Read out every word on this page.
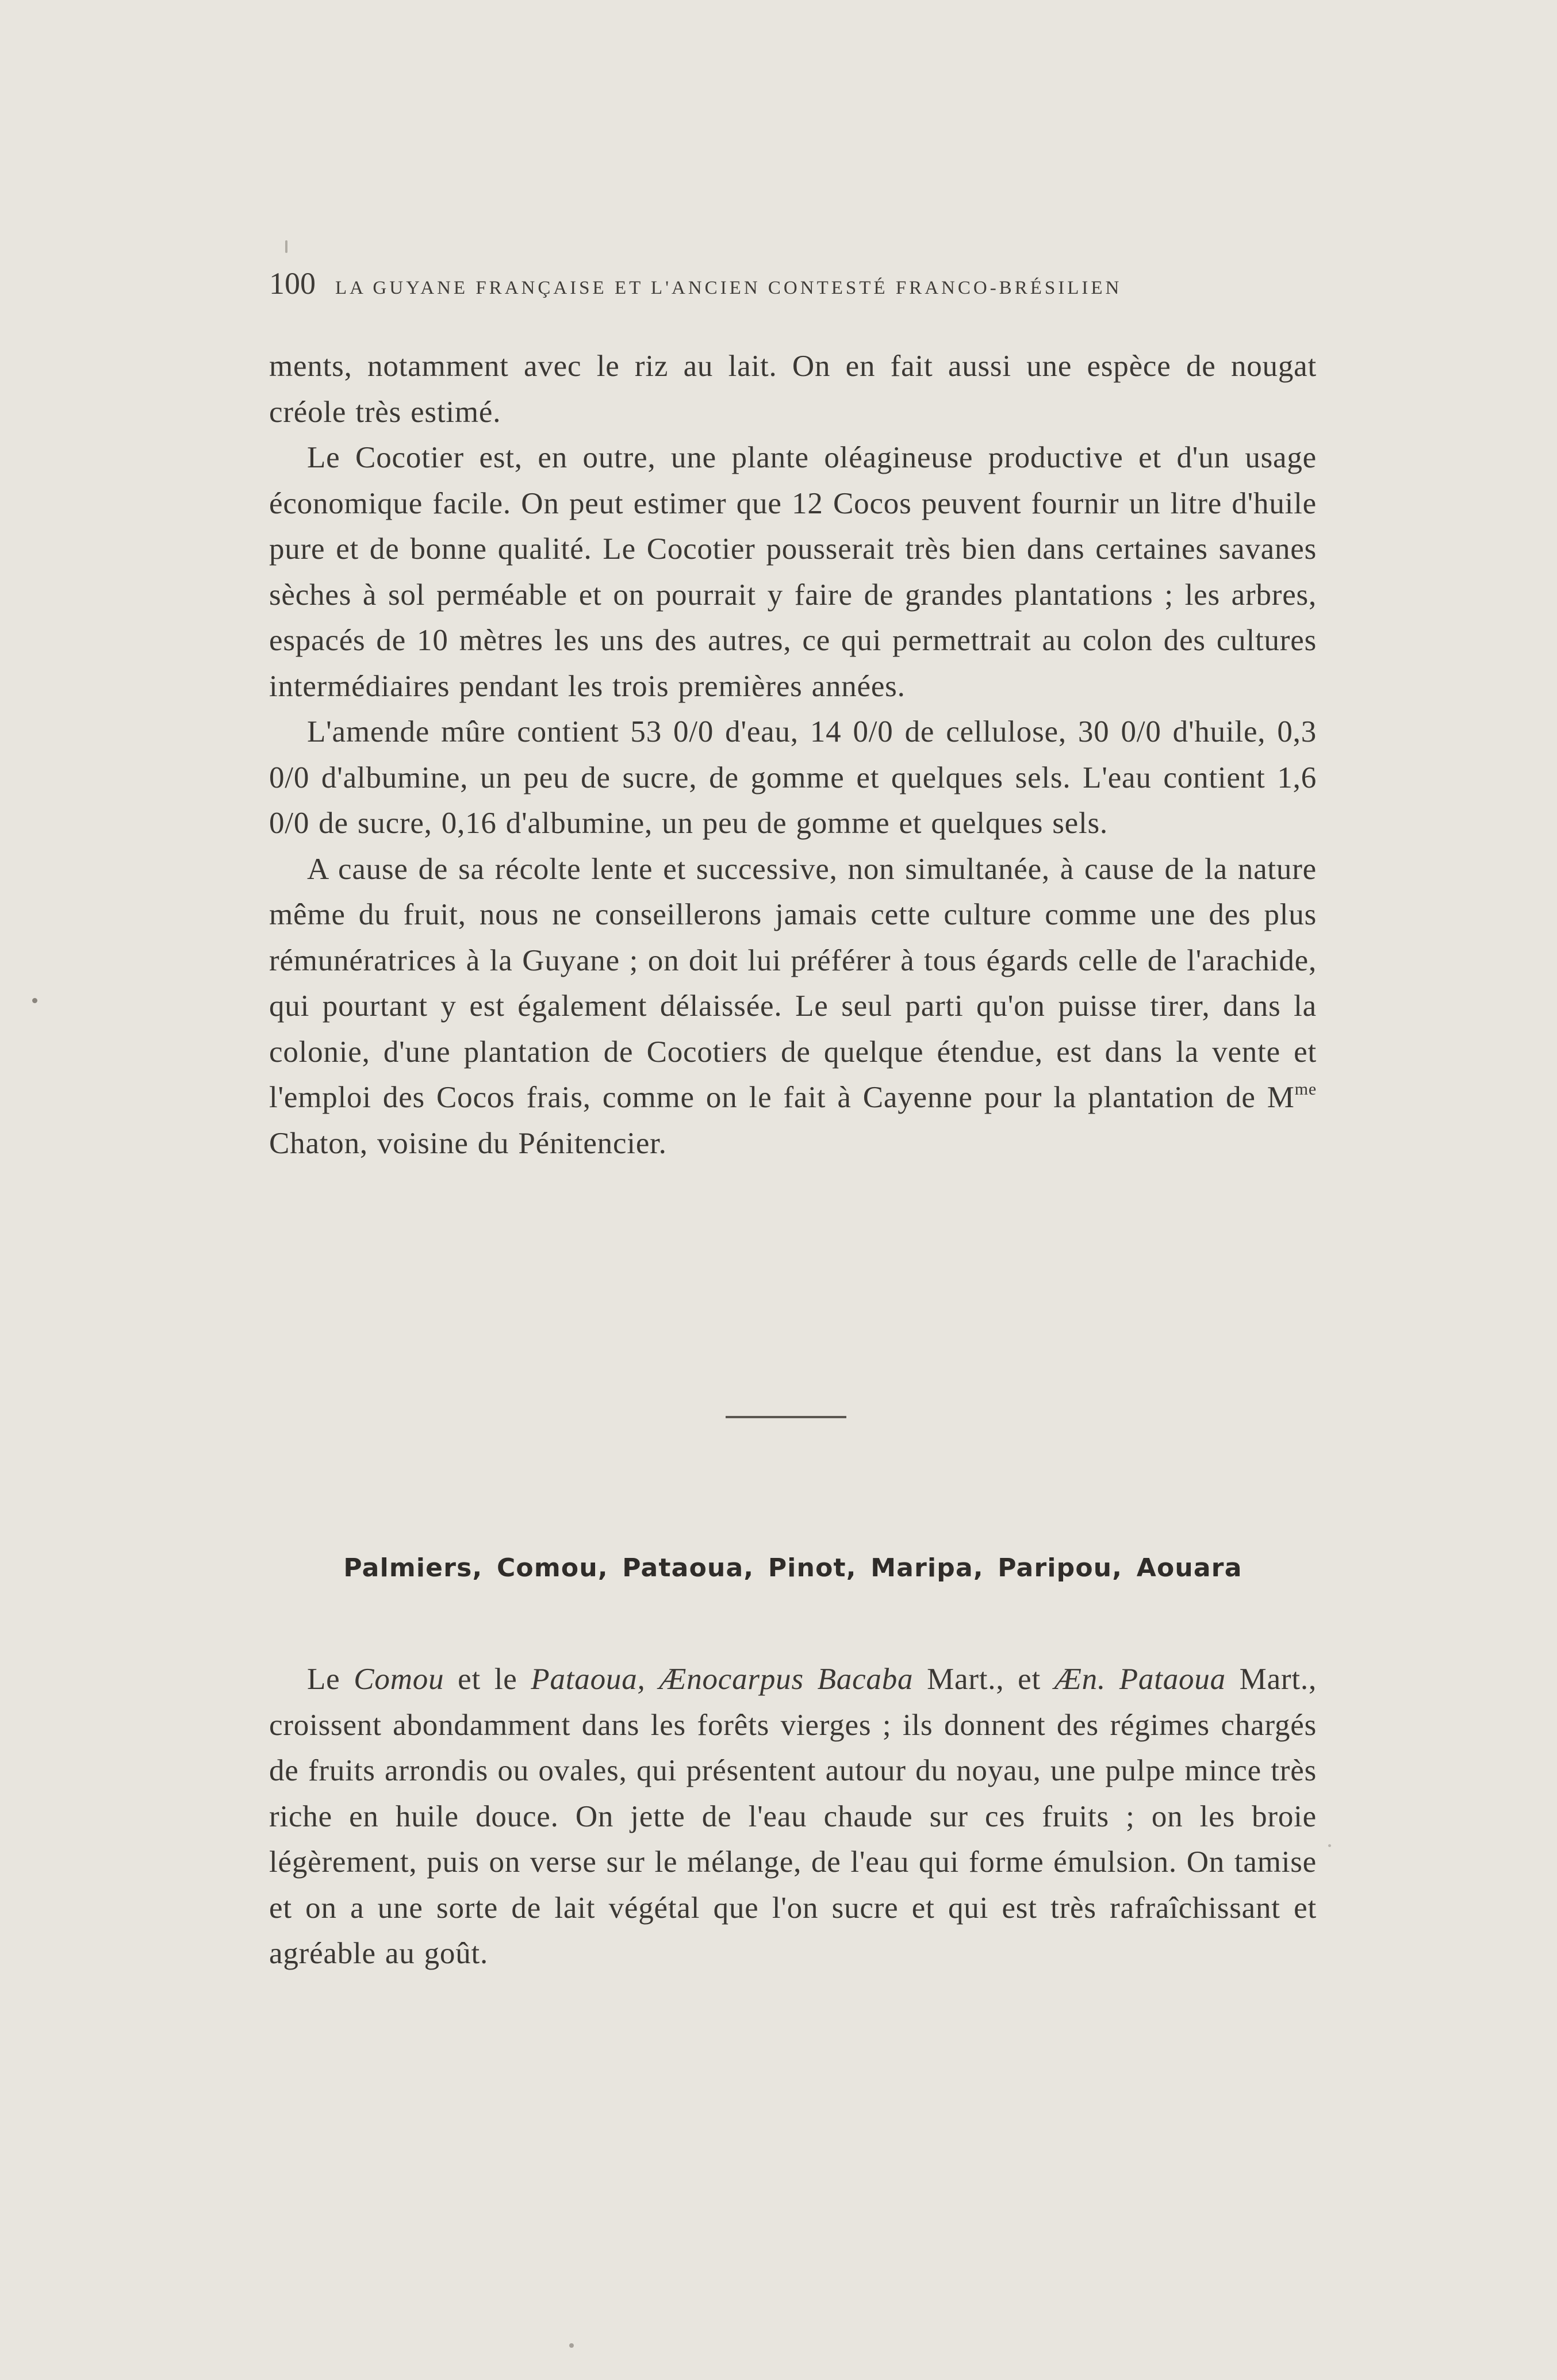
100 LA GUYANE FRANÇAISE ET L'ANCIEN CONTESTÉ FRANCO-BRÉSILIEN

ments, notamment avec le riz au lait. On en fait aussi une espèce de nougat créole très estimé.

Le Cocotier est, en outre, une plante oléagineuse productive et d'un usage économique facile. On peut estimer que 12 Cocos peuvent fournir un litre d'huile pure et de bonne qualité. Le Cocotier pousserait très bien dans certaines savanes sèches à sol perméable et on pourrait y faire de grandes plantations ; les arbres, espacés de 10 mètres les uns des autres, ce qui permettrait au colon des cultures intermédiaires pendant les trois premières années.

L'amende mûre contient 53 0/0 d'eau, 14 0/0 de cellulose, 30 0/0 d'huile, 0,3 0/0 d'albumine, un peu de sucre, de gomme et quelques sels. L'eau contient 1,6 0/0 de sucre, 0,16 d'albumine, un peu de gomme et quelques sels.

A cause de sa récolte lente et successive, non simultanée, à cause de la nature même du fruit, nous ne conseillerons jamais cette culture comme une des plus rémunératrices à la Guyane ; on doit lui préférer à tous égards celle de l'arachide, qui pourtant y est également délaissée. Le seul parti qu'on puisse tirer, dans la colonie, d'une plantation de Cocotiers de quelque étendue, est dans la vente et l'emploi des Cocos frais, comme on le fait à Cayenne pour la plantation de $M^{me}$ Chaton, voisine du Pénitencier.

Palmiers, Comou, Pataoua, Pinot, Maripa, Paripou, Aouara

Le Comou et le Pataoua, Ænocarpus Bacaba Mart., et Æn. Pataoua Mart., croissent abondamment dans les forêts vierges ; ils donnent des régimes chargés de fruits arrondis ou ovales, qui présentent autour du noyau, une pulpe mince très riche en huile douce. On jette de l'eau chaude sur ces fruits ; on les broie légèrement, puis on verse sur le mélange, de l'eau qui forme émulsion. On tamise et on a une sorte de lait végétal que l'on sucre et qui est très rafraîchissant et agréable au goût.
